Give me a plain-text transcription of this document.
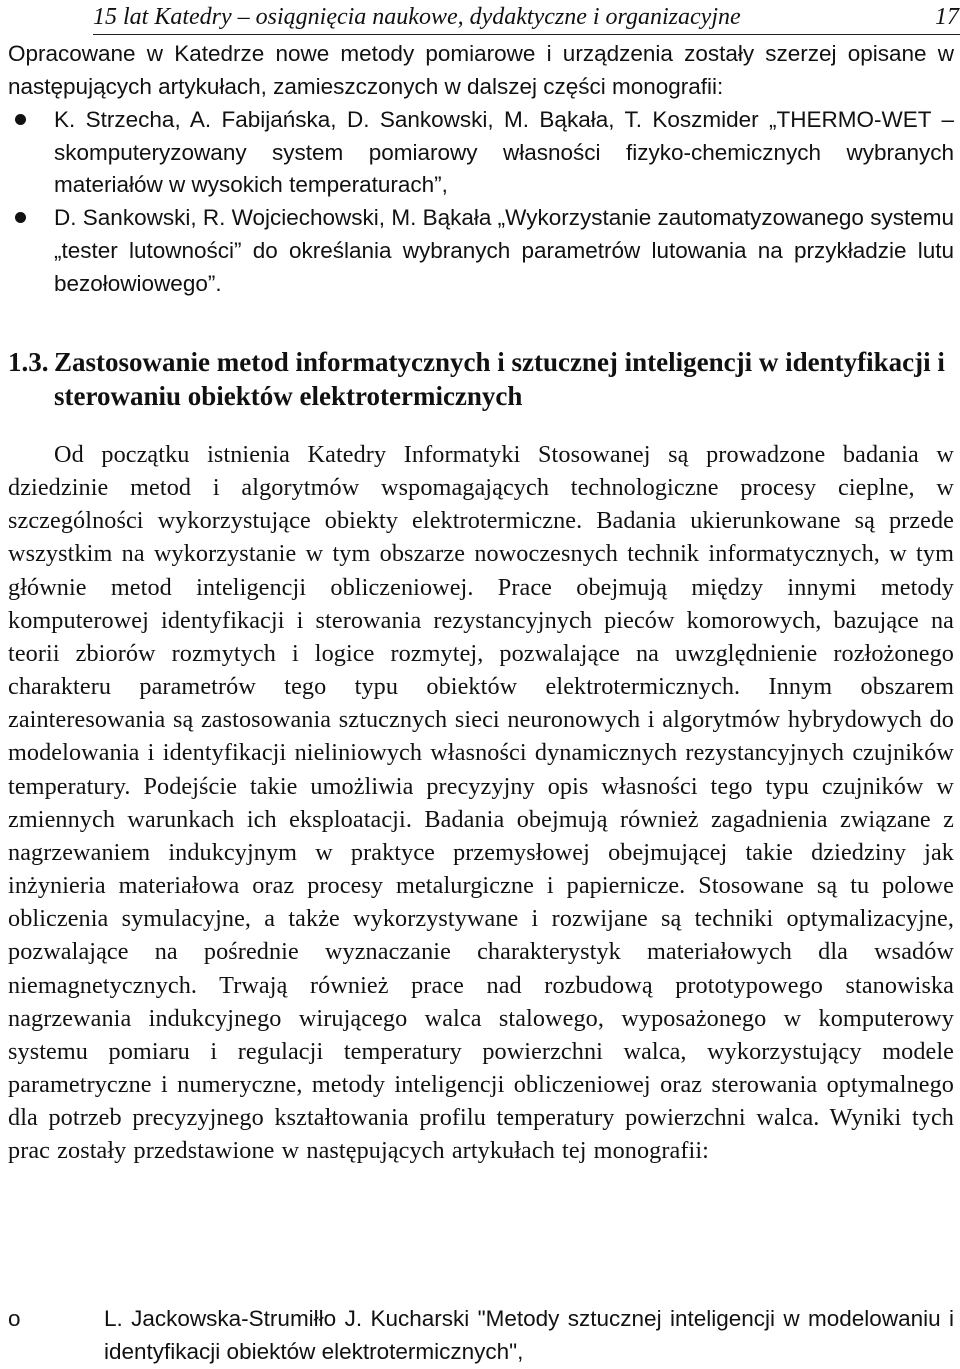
15 lat Katedry – osiągnięcia naukowe, dydaktyczne i organizacyjne	17
Opracowane w Katedrze nowe metody pomiarowe i urządzenia zostały szerzej opisane w następujących artykułach, zamieszczonych w dalszej części monografii:
K. Strzecha, A. Fabijańska, D. Sankowski, M. Bąkała, T. Koszmider „THERMO-WET – skomputeryzowany system pomiarowy własności fizyko-chemicznych wybranych materiałów w wysokich temperaturach”,
D. Sankowski, R. Wojciechowski, M. Bąkała „Wykorzystanie zautomatyzowanego systemu „tester lutowności” do określania wybranych parametrów lutowania na przykładzie lutu bezołowiowego”.
1.3. Zastosowanie metod informatycznych i sztucznej inteligencji w identyfikacji i sterowaniu obiektów elektrotermicznych
Od początku istnienia Katedry Informatyki Stosowanej są prowadzone badania w dziedzinie metod i algorytmów wspomagających technologiczne procesy cieplne, w szczególności wykorzystujące obiekty elektrotermiczne. Badania ukierunkowane są przede wszystkim na wykorzystanie w tym obszarze nowoczesnych technik informatycznych, w tym głównie metod inteligencji obliczeniowej. Prace obejmują między innymi metody komputerowej identyfikacji i sterowania rezystancyjnych pieców komorowych, bazujące na teorii zbiorów rozmytych i logice rozmytej, pozwalające na uwzględnienie rozłożonego charakteru parametrów tego typu obiektów elektrotermicznych. Innym obszarem zainteresowania są zastosowania sztucznych sieci neuronowych i algorytmów hybrydowych do modelowania i identyfikacji nieliniowych własności dynamicznych rezystancyjnych czujników temperatury. Podejście takie umożliwia precyzyjny opis własności tego typu czujników w zmiennych warunkach ich eksploatacji. Badania obejmują również zagadnienia związane z nagrzewaniem indukcyjnym w praktyce przemysłowej obejmującej takie dziedziny jak inżynieria materiałowa oraz procesy metalurgiczne i papiernicze. Stosowane są tu polowe obliczenia symulacyjne, a także wykorzystywane i rozwijane są techniki optymalizacyjne, pozwalające na pośrednie wyznaczanie charakterystyk materiałowych dla wsadów niemagnetycznych. Trwają również prace nad rozbudową prototypowego stanowiska nagrzewania indukcyjnego wirującego walca stalowego, wyposażonego w komputerowy systemu pomiaru i regulacji temperatury powierzchni walca, wykorzystujący modele parametryczne i numeryczne, metody inteligencji obliczeniowej oraz sterowania optymalnego dla potrzeb precyzyjnego kształtowania profilu temperatury powierzchni walca. Wyniki tych prac zostały przedstawione w następujących artykułach tej monografii:
o	L. Jackowska-Strumiłło J. Kucharski "Metody sztucznej inteligencji w modelowaniu i identyfikacji obiektów elektrotermicznych",
